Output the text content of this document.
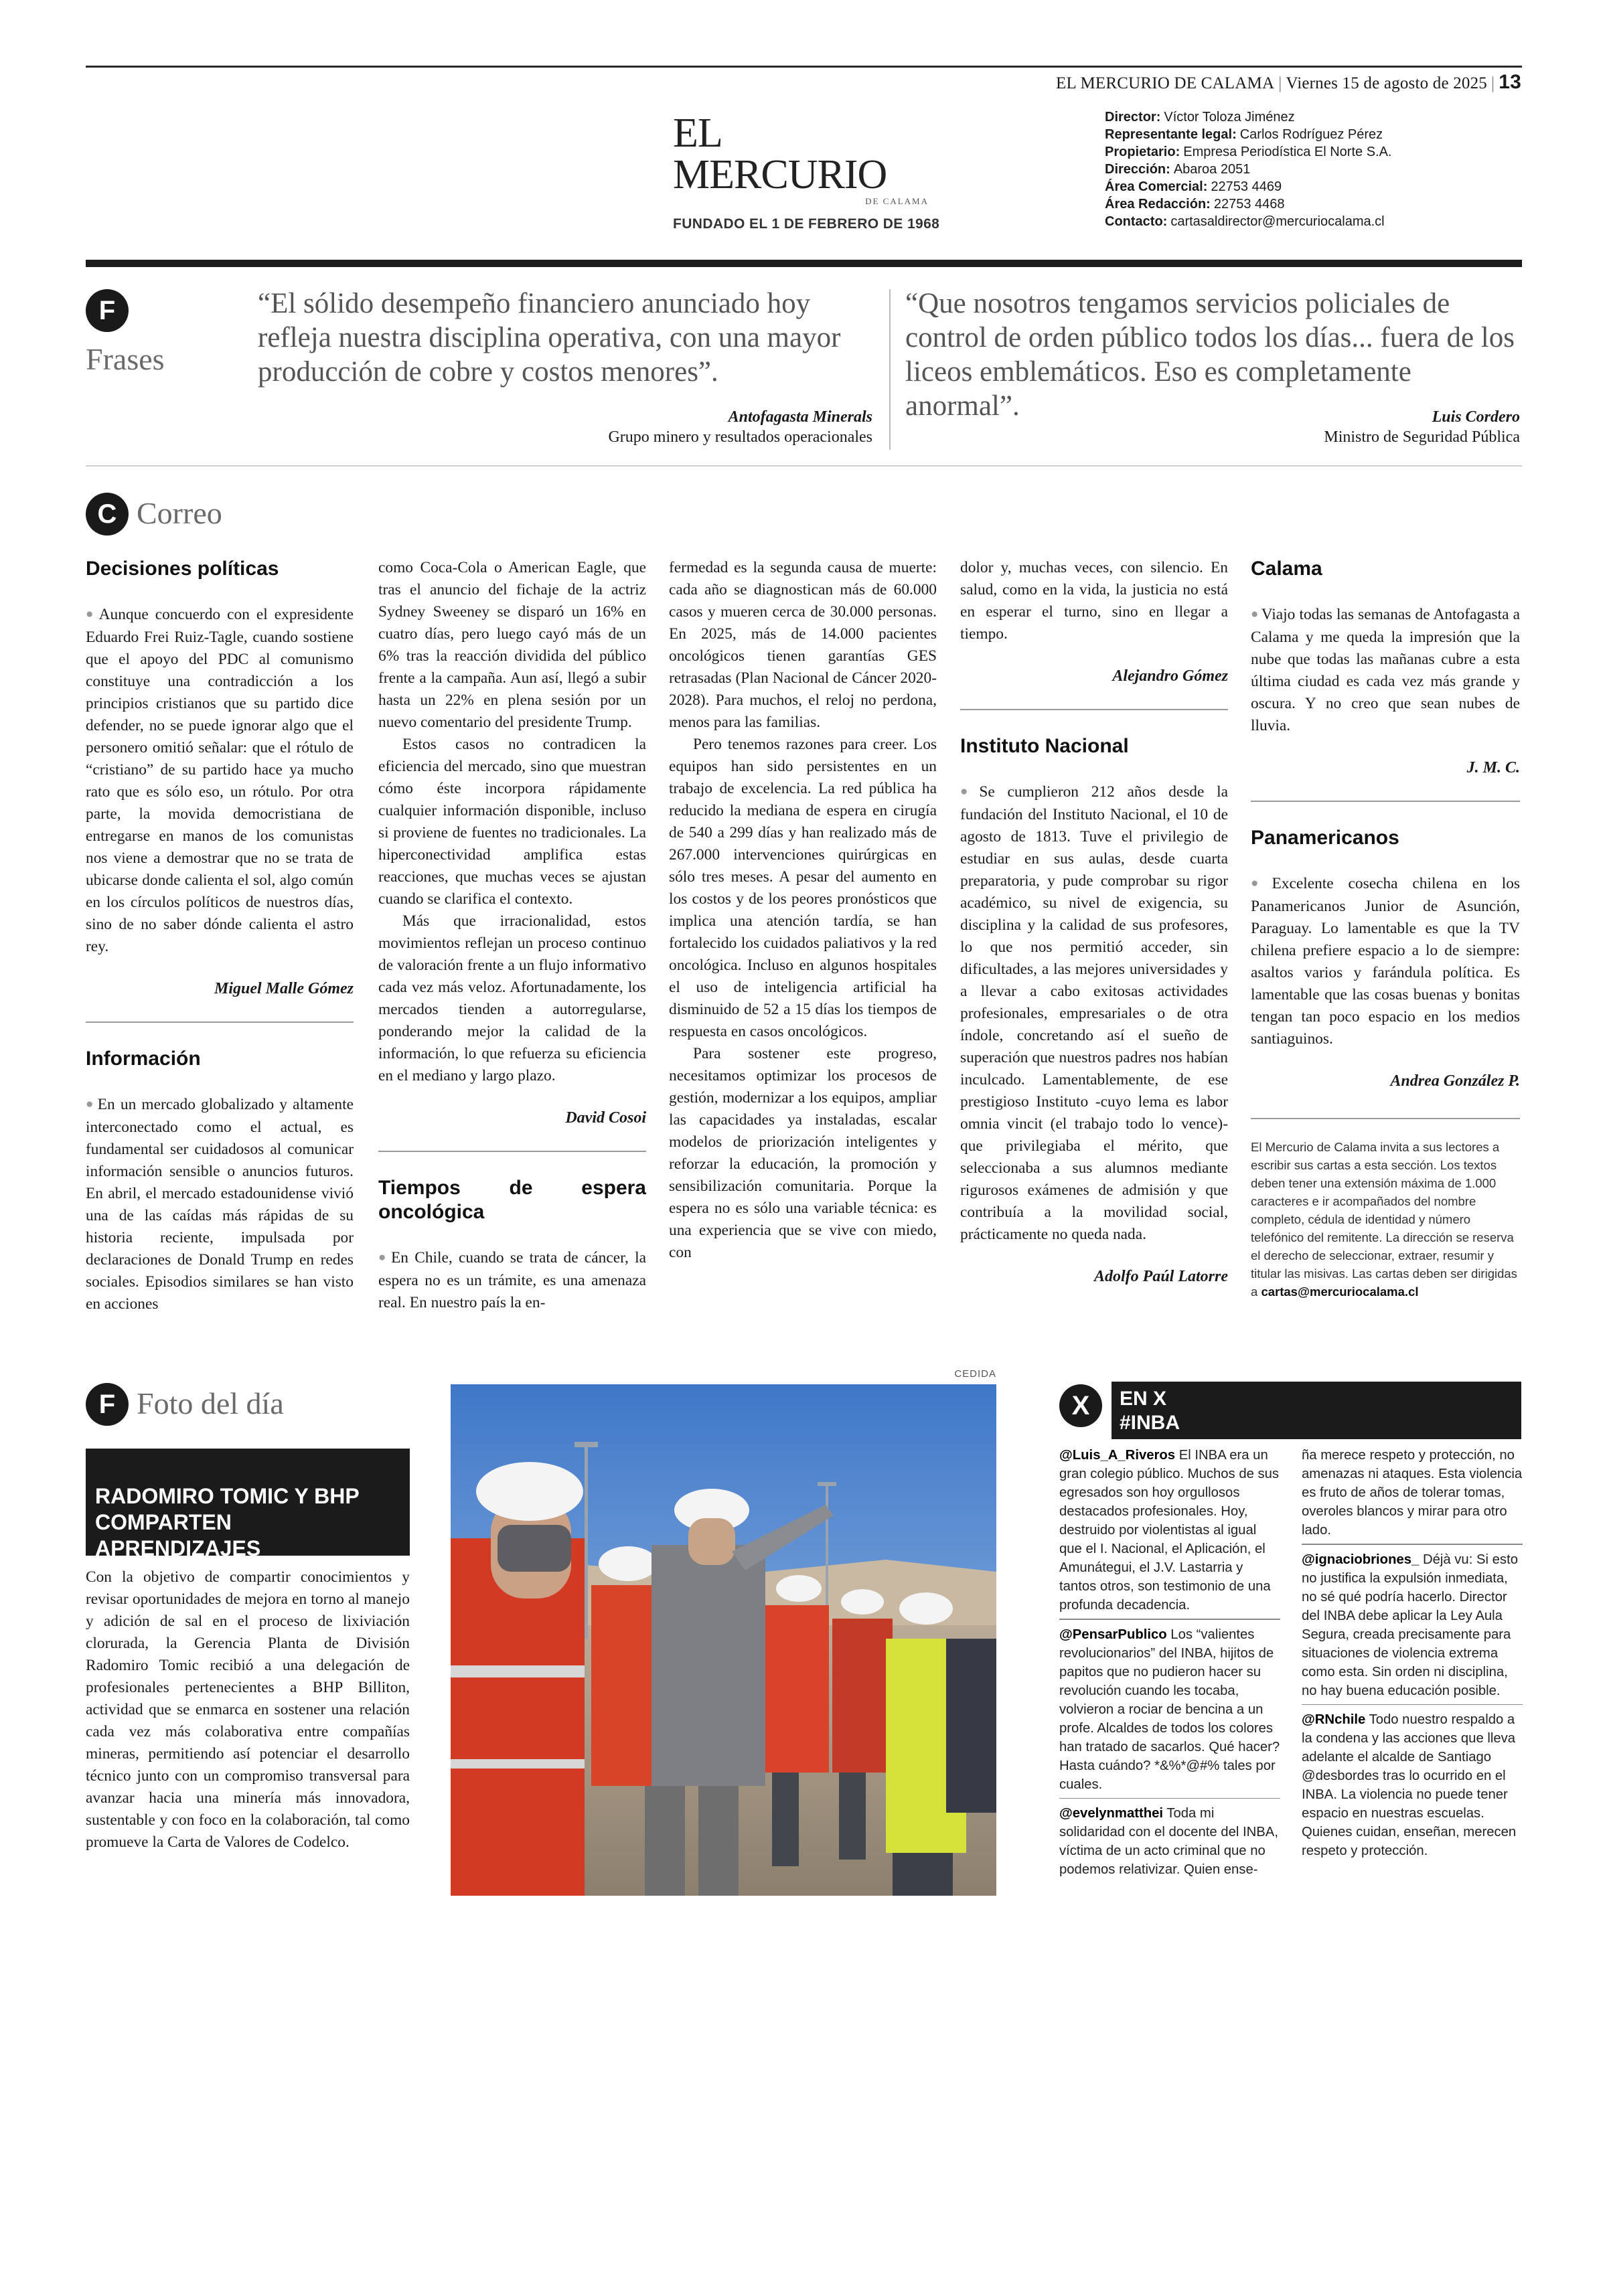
EL MERCURIO DE CALAMA | Viernes 15 de agosto de 2025 | 13
EL MERCURIO
DE CALAMA
FUNDADO EL 1 DE FEBRERO DE 1968
Director: Víctor Toloza Jiménez
Representante legal: Carlos Rodríguez Pérez
Propietario: Empresa Periodística El Norte S.A.
Dirección: Abaroa 2051
Área Comercial: 22753 4469
Área Redacción: 22753 4468
Contacto: cartasaldirector@mercuriocalama.cl
F
Frases
“El sólido desempeño financiero anunciado hoy refleja nuestra disciplina operativa, con una mayor producción de cobre y costos menores”.
Antofagasta Minerals
Grupo minero y resultados operacionales
“Que nosotros tengamos servicios policiales de control de orden público todos los días... fuera de los liceos emblemáticos. Eso es completamente anormal”.	Luis Cordero
Ministro de Seguridad Pública
C Correo
Decisiones políticas

● Aunque concuerdo con el expresidente Eduardo Frei Ruiz-Tagle, cuando sostiene que el apoyo del PDC al comunismo constituye una contradicción a los principios cristianos que su partido dice defender, no se puede ignorar algo que el personero omitió señalar: que el rótulo de “cristiano” de su partido hace ya mucho rato que es sólo eso, un rótulo. Por otra parte, la movida democristiana de entregarse en manos de los comunistas nos viene a demostrar que no se trata de ubicarse donde calienta el sol, algo común en los círculos políticos de nuestros días, sino de no saber dónde calienta el astro rey.

Miguel Malle Gómez
Información

● En un mercado globalizado y altamente interconectado como el actual, es fundamental ser cuidadosos al comunicar información sensible o anuncios futuros. En abril, el mercado estadounidense vivió una de las caídas más rápidas de su historia reciente, impulsada por declaraciones de Donald Trump en redes sociales. Episodios similares se han visto en acciones

como Coca-Cola o American Eagle, que tras el anuncio del fichaje de la actriz Sydney Sweeney se disparó un 16% en cuatro días, pero luego cayó más de un 6% tras la reacción dividida del público frente a la campaña. Aun así, llegó a subir hasta un 22% en plena sesión por un nuevo comentario del presidente Trump.

Estos casos no contradicen la eficiencia del mercado, sino que muestran cómo éste incorpora rápidamente cualquier información disponible, incluso si proviene de fuentes no tradicionales. La hiperconectividad amplifica estas reacciones, que muchas veces se ajustan cuando se clarifica el contexto.

Más que irracionalidad, estos movimientos reflejan un proceso continuo de valoración frente a un flujo informativo cada vez más veloz. Afortunadamente, los mercados tienden a autorregularse, ponderando mejor la calidad de la información, lo que refuerza su eficiencia en el mediano y largo plazo.

David Cosoi
Tiempos de espera oncológica

● En Chile, cuando se trata de cáncer, la espera no es un trámite, es una amenaza real. En nuestro país la en-

fermedad es la segunda causa de muerte: cada año se diagnostican más de 60.000 casos y mueren cerca de 30.000 personas. En 2025, más de 14.000 pacientes oncológicos tienen garantías GES retrasadas (Plan Nacional de Cáncer 2020-2028). Para muchos, el reloj no perdona, menos para las familias.

Pero tenemos razones para creer. Los equipos han sido persistentes en un trabajo de excelencia. La red pública ha reducido la mediana de espera en cirugía de 540 a 299 días y han realizado más de 267.000 intervenciones quirúrgicas en sólo tres meses. A pesar del aumento en los costos y de los peores pronósticos que implica una atención tardía, se han fortalecido los cuidados paliativos y la red oncológica. Incluso en algunos hospitales el uso de inteligencia artificial ha disminuido de 52 a 15 días los tiempos de respuesta en casos oncológicos.

Para sostener este progreso, necesitamos optimizar los procesos de gestión, modernizar a los equipos, ampliar las capacidades ya instaladas, escalar modelos de priorización inteligentes y reforzar la educación, la promoción y sensibilización comunitaria. Porque la espera no es sólo una variable técnica: es una experiencia que se vive con miedo, con

dolor y, muchas veces, con silencio. En salud, como en la vida, la justicia no está en esperar el turno, sino en llegar a tiempo.

Alejandro Gómez
Instituto Nacional

● Se cumplieron 212 años desde la fundación del Instituto Nacional, el 10 de agosto de 1813. Tuve el privilegio de estudiar en sus aulas, desde cuarta preparatoria, y pude comprobar su rigor académico, su nivel de exigencia, su disciplina y la calidad de sus profesores, lo que nos permitió acceder, sin dificultades, a las mejores universidades y a llevar a cabo exitosas actividades profesionales, empresariales o de otra índole, concretando así el sueño de superación que nuestros padres nos habían inculcado. Lamentablemente, de ese prestigioso Instituto -cuyo lema es labor omnia vincit (el trabajo todo lo vence)- que privilegiaba el mérito, que seleccionaba a sus alumnos mediante rigurosos exámenes de admisión y que contribuía a la movilidad social, prácticamente no queda nada.

Adolfo Paúl Latorre
Calama

● Viajo todas las semanas de Antofagasta a Calama y me queda la impresión que la nube que todas las mañanas cubre a esta última ciudad es cada vez más grande y oscura. Y no creo que sean nubes de lluvia.

J. M. C.
Panamericanos

● Excelente cosecha chilena en los Panamericanos Junior de Asunción, Paraguay. Lo lamentable es que la TV chilena prefiere espacio a lo de siempre: asaltos varios y farándula política. Es lamentable que las cosas buenas y bonitas tengan tan poco espacio en los medios santiaguinos.

Andrea González P.
El Mercurio de Calama invita a sus lectores a escribir sus cartas a esta sección. Los textos deben tener una extensión máxima de 1.000 caracteres e ir acompañados del nombre completo, cédula de identidad y número telefónico del remitente. La dirección se reserva el derecho de seleccionar, extraer, resumir y titular las misivas. Las cartas deben ser dirigidas a cartas@mercuriocalama.cl
F Foto del día
RADOMIRO TOMIC Y BHP COMPARTEN APRENDIZAJES
Con la objetivo de compartir conocimientos y revisar oportunidades de mejora en torno al manejo y adición de sal en el proceso de lixiviación clorurada, la Gerencia Planta de División Radomiro Tomic recibió a una delegación de profesionales pertenecientes a BHP Billiton, actividad que se enmarca en sostener una relación cada vez más colaborativa entre compañías mineras, permitiendo así potenciar el desarrollo técnico junto con un compromiso transversal para avanzar hacia una minería más innovadora, sustentable y con foco en la colaboración, tal como promueve la Carta de Valores de Codelco.
CEDIDA
X	EN X
#INBA
@Luis_A_Riveros El INBA era un gran colegio público. Muchos de sus egresados son hoy orgullosos destacados profesionales. Hoy, destruido por violentistas al igual que el I. Nacional, el Aplicación, el Amunátegui, el J.V. Lastarria y tantos otros, son testimonio de una profunda decadencia.
@PensarPublico Los “valientes revolucionarios” del INBA, hijitos de papitos que no pudieron hacer su revolución cuando les tocaba, volvieron a rociar de bencina a un profe. Alcaldes de todos los colores han tratado de sacarlos. Qué hacer? Hasta cuándo? *&%*@#% tales por cuales.
@evelynmatthei Toda mi solidaridad con el docente del INBA, víctima de un acto criminal que no podemos relativizar. Quien ense-
ña merece respeto y protección, no amenazas ni ataques. Esta violencia es fruto de años de tolerar tomas, overoles blancos y mirar para otro lado.
@ignaciobriones_ Déjà vu: Si esto no justifica la expulsión inmediata, no sé qué podría hacerlo. Director del INBA debe aplicar la Ley Aula Segura, creada precisamente para situaciones de violencia extrema como esta. Sin orden ni disciplina, no hay buena educación posible.
@RNchile Todo nuestro respaldo a la condena y las acciones que lleva adelante el alcalde de Santiago @desbordes tras lo ocurrido en el INBA. La violencia no puede tener espacio en nuestras escuelas. Quienes cuidan, enseñan, merecen respeto y protección.
